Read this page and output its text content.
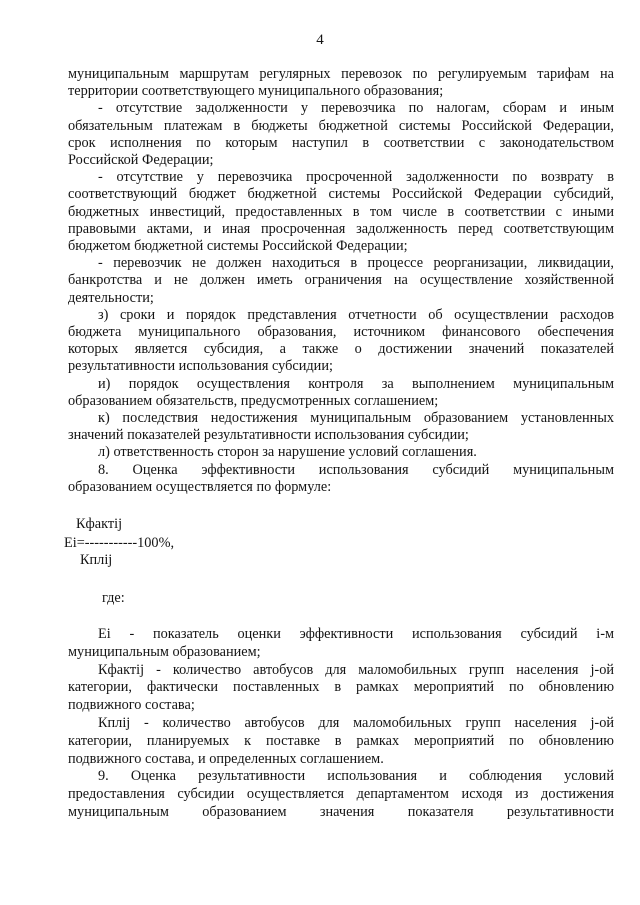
4
муниципальным маршрутам регулярных перевозок по регулируемым тарифам на
территории соответствующего муниципального образования;
- отсутствие задолженности у перевозчика по налогам, сборам и иным
обязательным платежам в бюджеты бюджетной системы Российской Федерации,
срок исполнения по которым наступил в соответствии с законодательством
Российской Федерации;
- отсутствие у перевозчика просроченной задолженности по возврату в
соответствующий бюджет бюджетной системы Российской Федерации субсидий,
бюджетных инвестиций, предоставленных в том числе в соответствии с иными
правовыми актами, и иная просроченная задолженность перед соответствующим
бюджетом бюджетной системы Российской Федерации;
- перевозчик не должен находиться в процессе реорганизации, ликвидации,
банкротства и не должен иметь ограничения на осуществление хозяйственной
деятельности;
з) сроки и порядок представления отчетности об осуществлении расходов
бюджета муниципального образования, источником финансового обеспечения
которых является субсидия, а также о достижении значений показателей
результативности использования субсидии;
и) порядок осуществления контроля за выполнением муниципальным
образованием обязательств, предусмотренных соглашением;
к) последствия недостижения муниципальным образованием установленных
значений показателей результативности использования субсидии;
л) ответственность сторон за нарушение условий соглашения.
8. Оценка эффективности использования субсидий муниципальным
образованием осуществляется по формуле:
Кфактij
Ei=-----------100%,
Кплij
где:
Ei - показатель оценки эффективности использования субсидий i-м
муниципальным образованием;
Кфактij - количество автобусов для маломобильных групп населения j-ой
категории, фактически поставленных в рамках мероприятий по обновлению
подвижного состава;
Кплij - количество автобусов для маломобильных групп населения j-ой
категории, планируемых к поставке в рамках мероприятий по обновлению
подвижного состава, и определенных соглашением.
9. Оценка результативности использования и соблюдения условий
предоставления субсидии осуществляется департаментом исходя из достижения
муниципальным образованием значения показателя результативности
